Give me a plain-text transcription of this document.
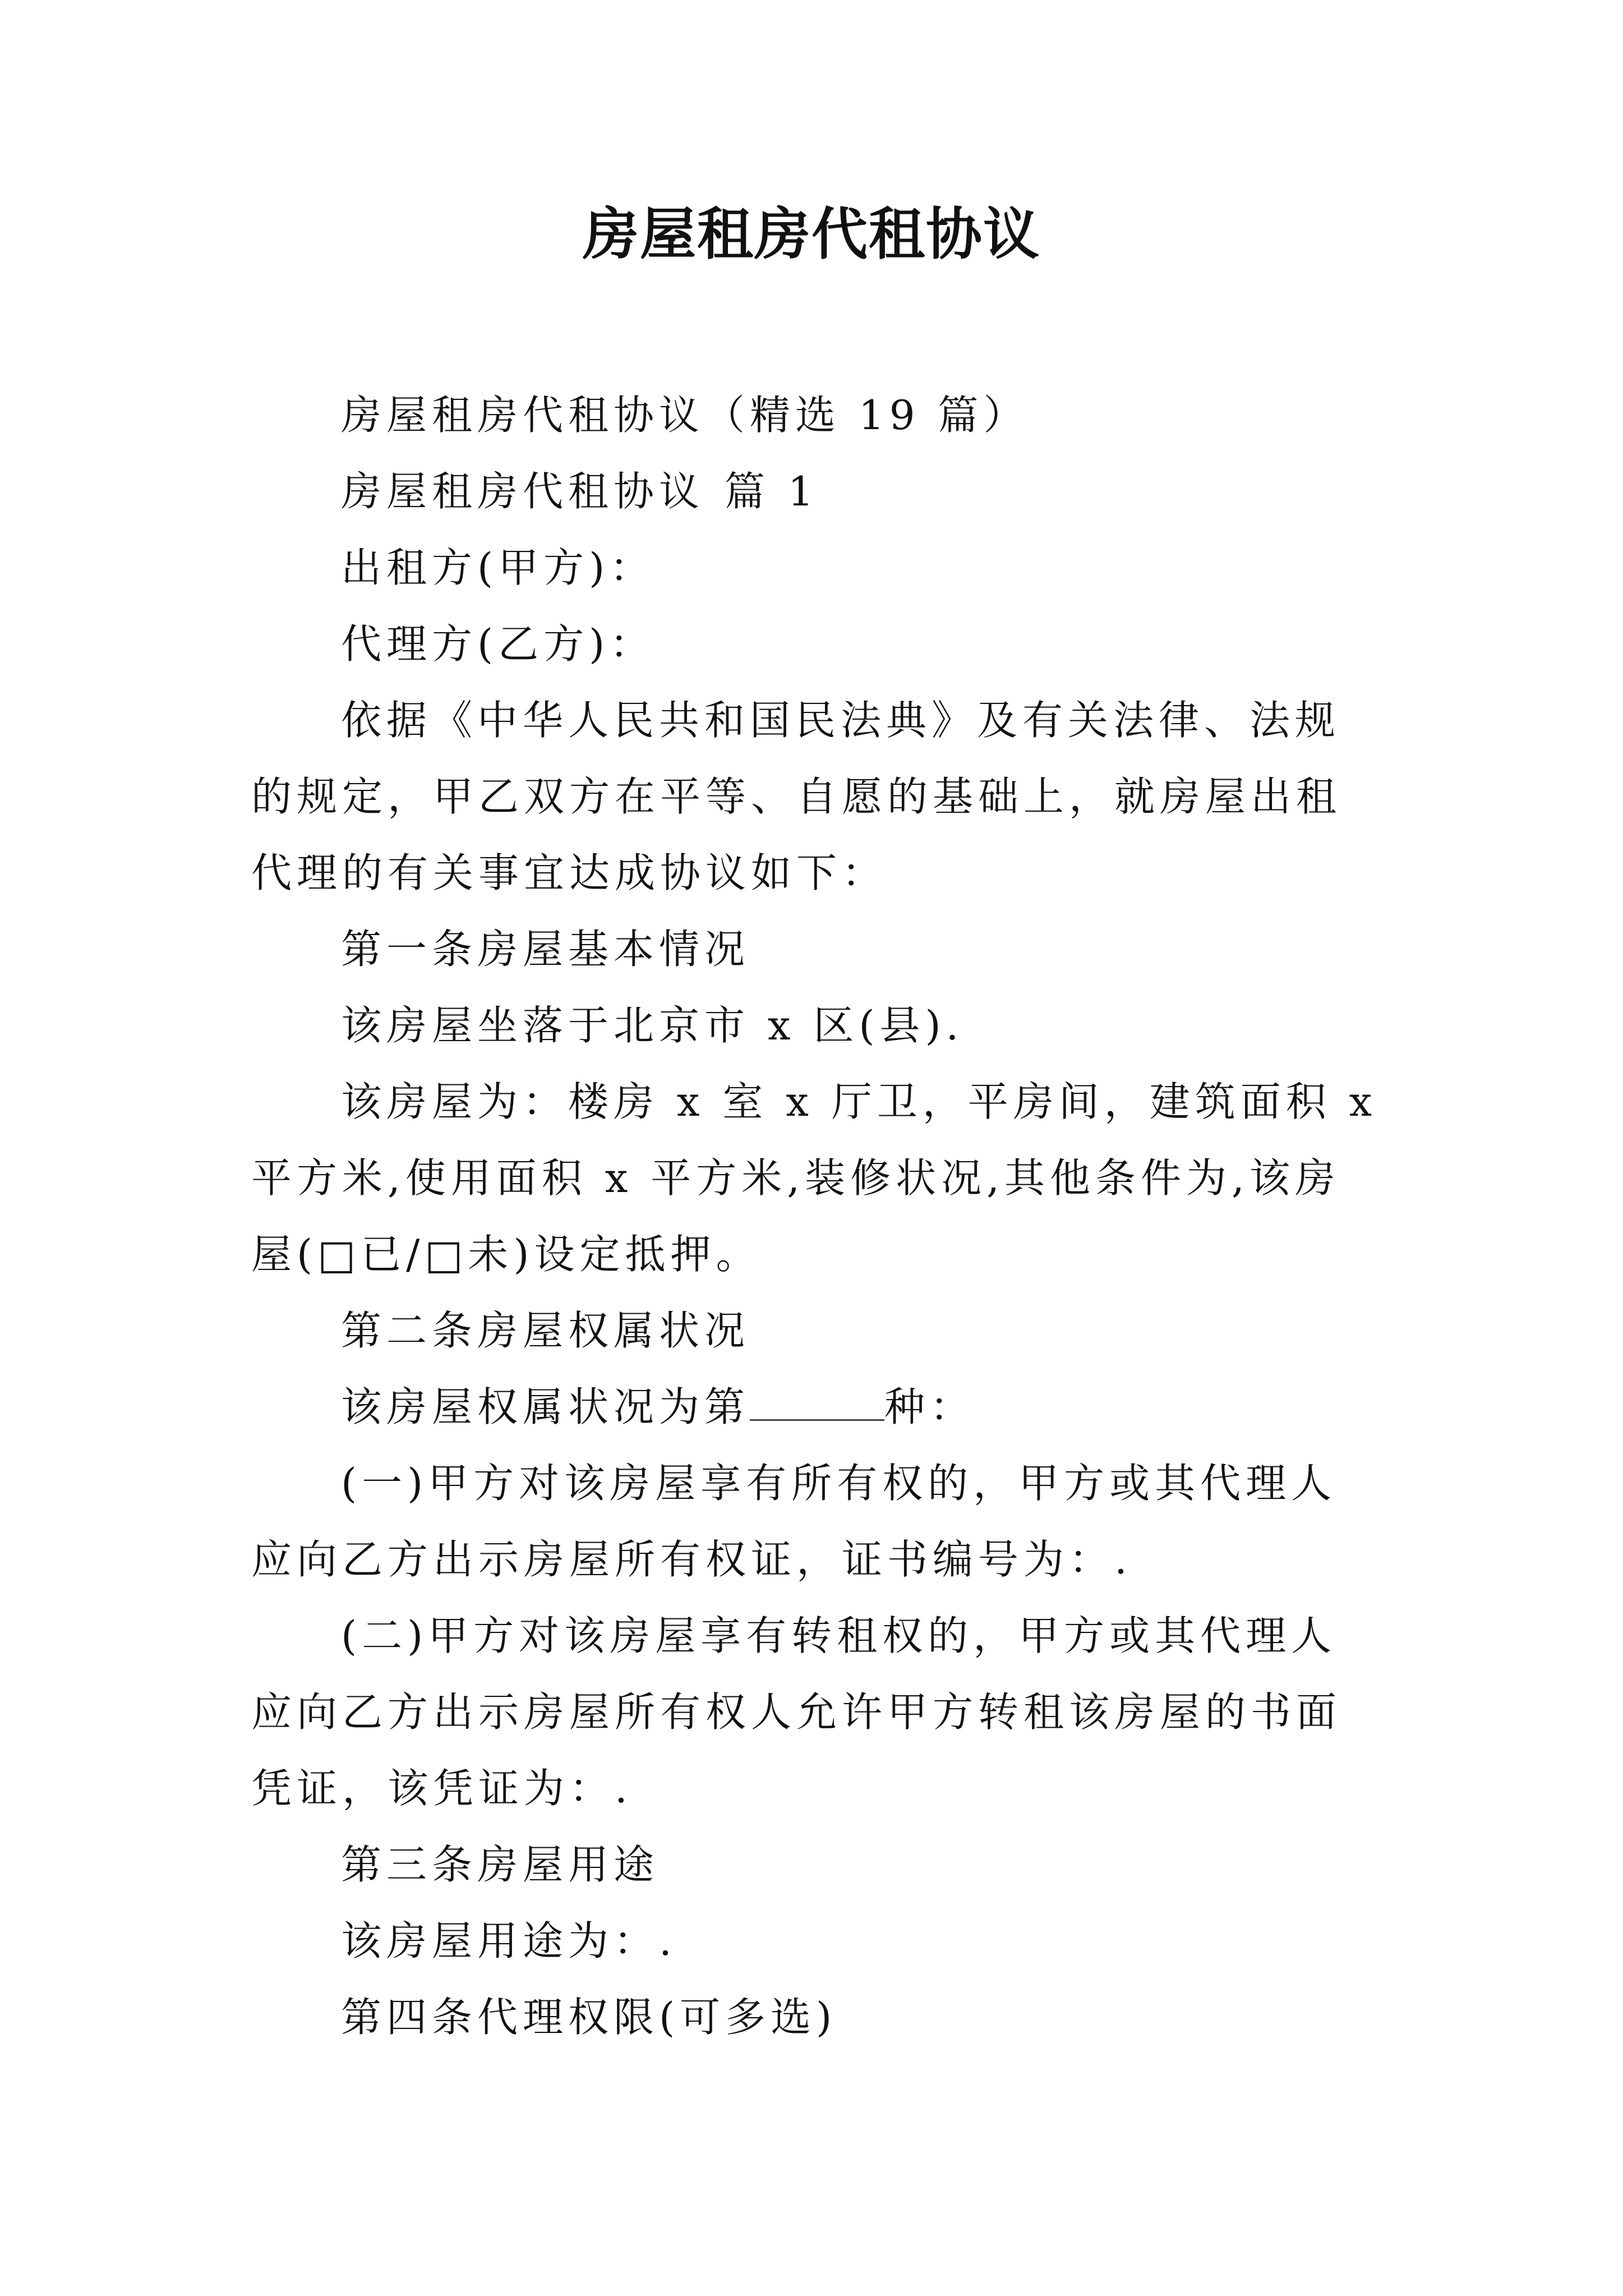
房屋租房代租协议

房屋租房代租协议（精选 19 篇）

房屋租房代租协议 篇 1

出租方(甲方)：

代理方(乙方)：

依据《中华人民共和国民法典》及有关法律、法规的规定，甲乙双方在平等、自愿的基础上，就房屋出租代理的有关事宜达成协议如下：

第一条房屋基本情况

该房屋坐落于北京市 x 区(县).

该房屋为：楼房 x 室 x 厅卫，平房间，建筑面积 x 平方米,使用面积 x 平方米,装修状况,其他条件为,该房屋(□已/□未)设定抵押。

第二条房屋权属状况

该房屋权属状况为第	种：

(一)甲方对该房屋享有所有权的，甲方或其代理人应向乙方出示房屋所有权证，证书编号为：.

(二)甲方对该房屋享有转租权的，甲方或其代理人应向乙方出示房屋所有权人允许甲方转租该房屋的书面凭证，该凭证为：.

第三条房屋用途

该房屋用途为：.

第四条代理权限(可多选)
